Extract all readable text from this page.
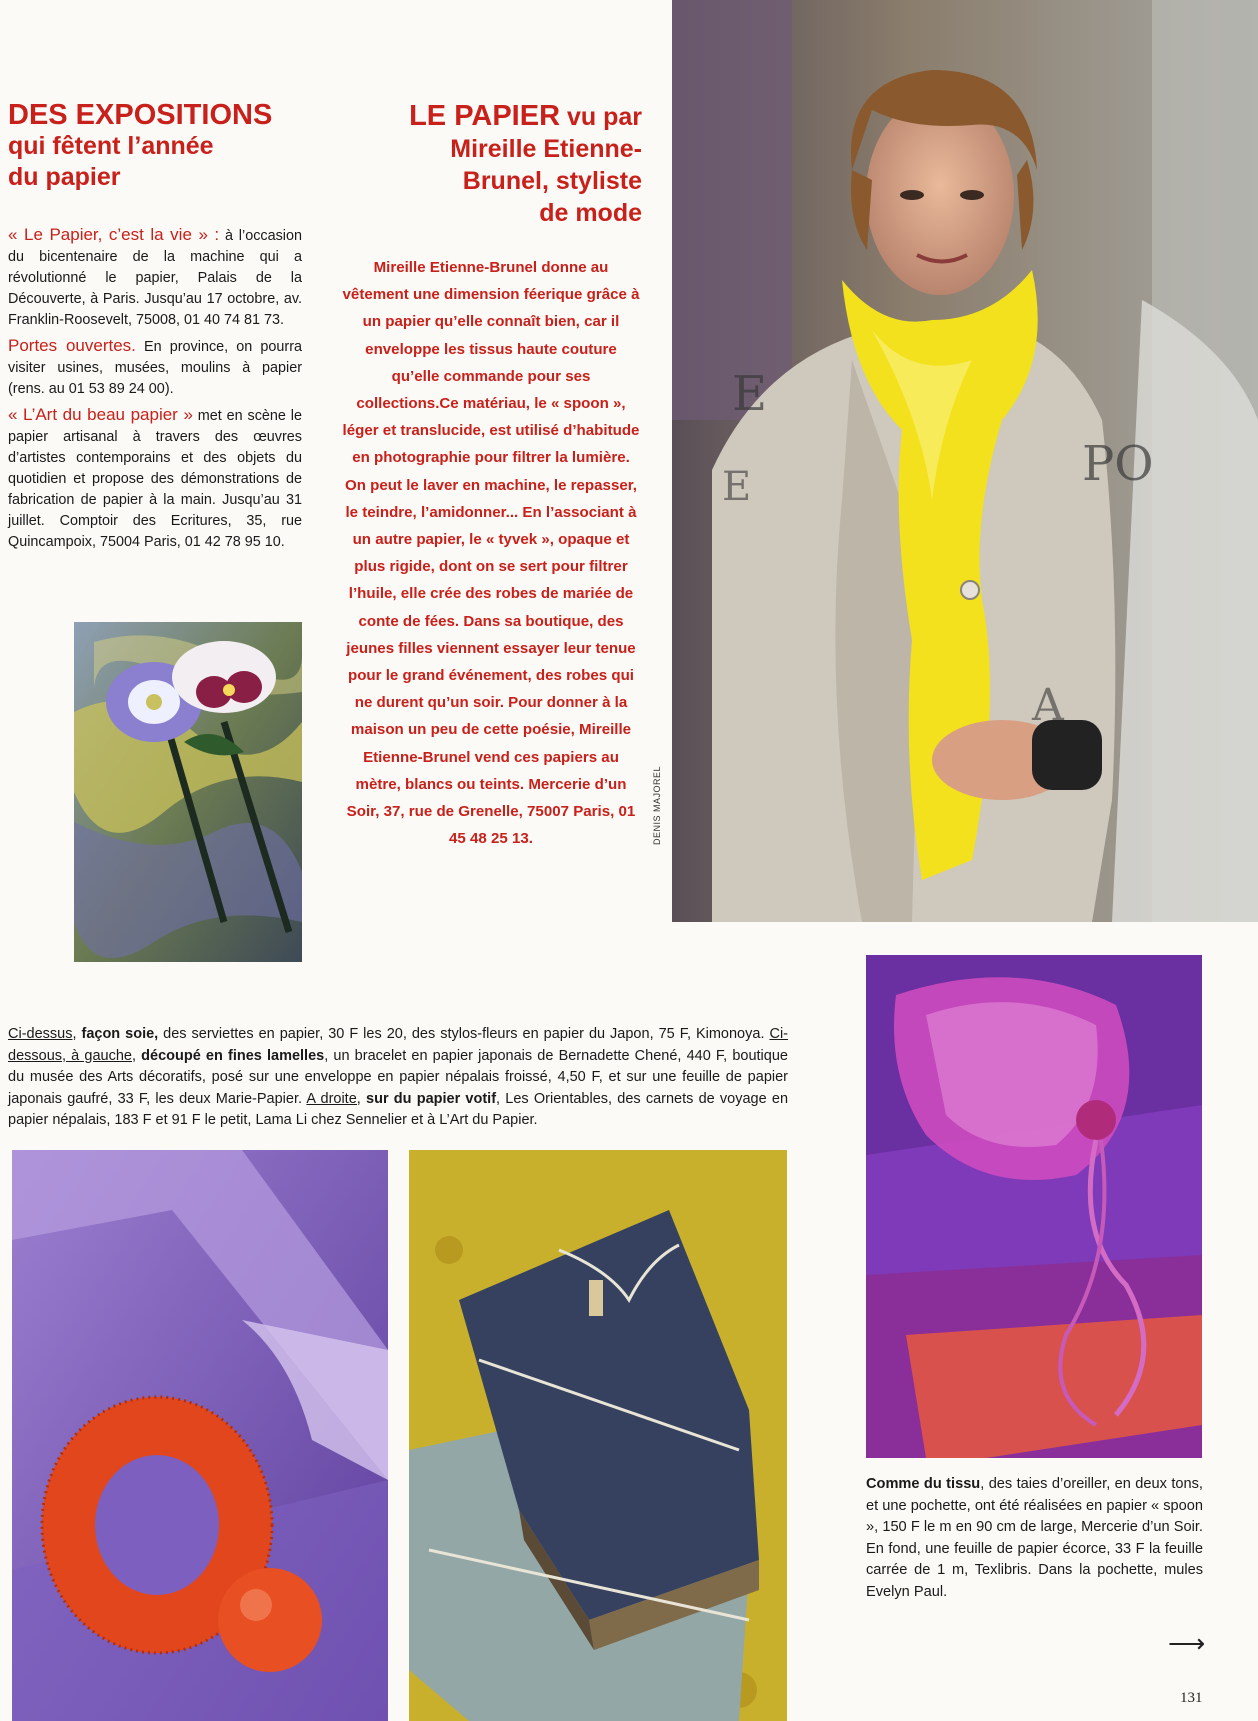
DES EXPOSITIONS
qui fêtent l’année
du papier

« Le Papier, c’est la vie » : à l’occasion du bicentenaire de la machine qui a révolutionné le papier, Palais de la Découverte, à Paris. Jusqu’au 17 octobre, av. Franklin-Roosevelt, 75008, 01 40 74 81 73.

Portes ouvertes. En province, on pourra visiter usines, musées, moulins à papier (rens. au 01 53 89 24 00).

« L’Art du beau papier » met en scène le papier artisanal à travers des œuvres d’artistes contemporains et des objets du quotidien et propose des démonstrations de fabrication de papier à la main. Jusqu’au 31 juillet. Comptoir des Ecritures, 35, rue Quincampoix, 75004 Paris, 01 42 78 95 10.

LE PAPIER vu par
Mireille Etienne-
Brunel, styliste
de mode
Mireille Etienne-Brunel donne au vêtement une dimension féerique grâce à un papier qu’elle connaît bien, car il enveloppe les tissus haute couture qu’elle commande pour ses collections.Ce matériau, le « spoon », léger et translucide, est utilisé d’habitude en photographie pour filtrer la lumière. On peut le laver en machine, le repasser, le teindre, l’amidonner... En l’associant à un autre papier, le « tyvek », opaque et plus rigide, dont on se sert pour filtrer l’huile, elle crée des robes de mariée de conte de fées. Dans sa boutique, des jeunes filles viennent essayer leur tenue pour le grand événement, des robes qui ne durent qu’un soir. Pour donner à la maison un peu de cette poésie, Mireille Etienne-Brunel vend ces papiers au mètre, blancs ou teints. Mercerie d’un Soir, 37, rue de Grenelle, 75007 Paris, 01 45 48 25 13.	DENIS MAJOREL
E
PO
E
A
Ci-dessus, façon soie, des serviettes en papier, 30 F les 20, des stylos-fleurs en papier du Japon, 75 F, Kimonoya. Ci-dessous, à gauche, découpé en fines lamelles, un bracelet en papier japonais de Bernadette Chené, 440 F, boutique du musée des Arts décoratifs, posé sur une enveloppe en papier népalais froissé, 4,50 F, et sur une feuille de papier japonais gaufré, 33 F, les deux Marie-Papier. A droite, sur du papier votif, Les Orientables, des carnets de voyage en papier népalais, 183 F et 91 F le petit, Lama Li chez Sennelier et à L’Art du Papier.
Comme du tissu, des taies d’oreiller, en deux tons, et une pochette, ont été réalisées en papier « spoon », 150 F le m en 90 cm de large, Mercerie d’un Soir. En fond, une feuille de papier écorce, 33 F la feuille carrée de 1 m, Texlibris. Dans la pochette, mules Evelyn Paul.
⟶
131
